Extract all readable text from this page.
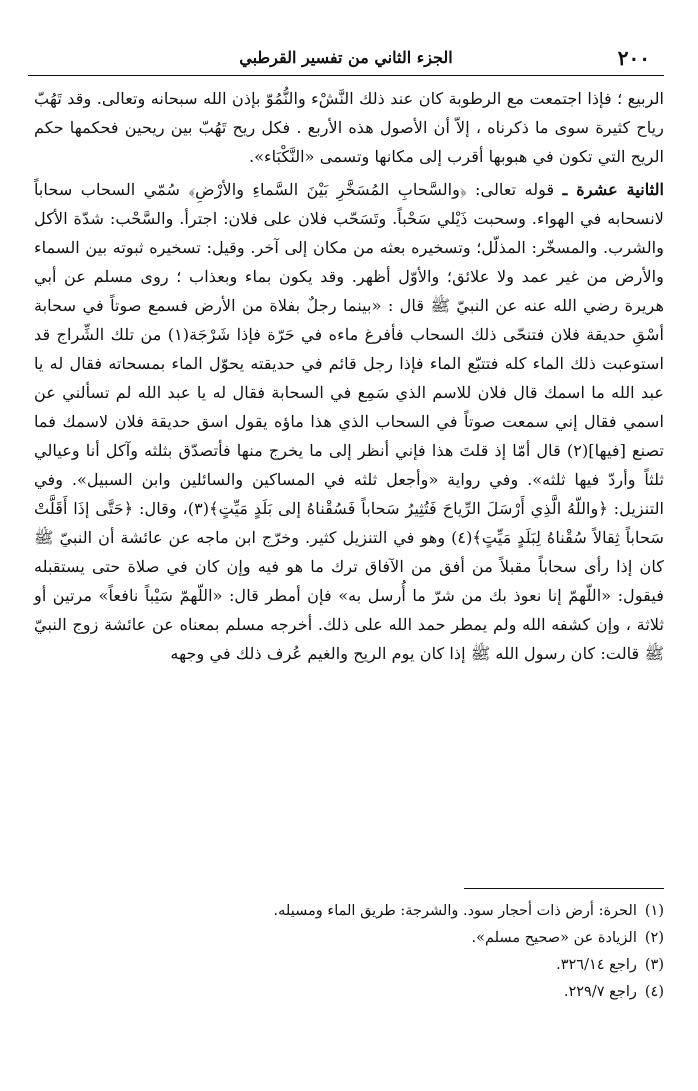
٢٠٠
الجزء الثاني من تفسير القرطبي

الربيع ؛ فإذا اجتمعت مع الرطوبة كان عند ذلك النَّشْء والنُّمُوّ بإذن الله سبحانه وتعالى. وقد تَهُبّ رياح كثيرة سوى ما ذكرناه ، إلاّ أن الأصول هذه الأربع . فكل ريح تَهُبّ بين ريحين فحكمها حكم الريح التي تكون في هبوبها أقرب إلى مكانها وتسمى «النَّكْبَاء».

الثانية عشرة ـ قوله تعالى: ﴿والسَّحابِ المُسَخَّرِ بَيْنَ السَّماءِ والأرْضِ﴾ سُمّي السحاب سحاباً لانسحابه في الهواء. وسحبت ذَيْلي سَحْباً. وتَسَحّب فلان على فلان: اجترأ. والسَّحْب: شدّة الأكل والشرب. والمسخّر: المذلّل؛ وتسخيره بعثه من مكان إلى آخر. وقيل: تسخيره ثبوته بين السماء والأرض من غير عمد ولا علائق؛ والأوّل أظهر. وقد يكون بماء وبعذاب ؛ روى مسلم عن أبي هريرة رضي الله عنه عن النبيّ ﷺ قال : «بينما رجلٌ بفلاة من الأرض فسمع صوتاً في سحابة أسْقِ حديقة فلان فتنحّى ذلك السحاب فأفرغ ماءه في حَرّة فإذا شَرْجَة(١) من تلك الشِّراج قد استوعبت ذلك الماء كله فتتبّع الماء فإذا رجل قائم في حديقته يحوّل الماء بمسحاته فقال له يا عبد الله ما اسمك قال فلان للاسم الذي سَمِع في السحابة فقال له يا عبد الله لم تسألني عن اسمي فقال إني سمعت صوتاً في السحاب الذي هذا ماؤه يقول اسق حديقة فلان لاسمك فما تصنع [فيها](٢) قال أمّا إذ قلتَ هذا فإني أنظر إلى ما يخرج منها فأتصدّق بثلثه وآكل أنا وعيالي ثلثاً وأردّ فيها ثلثه». وفي رواية «وأجعل ثلثه في المساكين والسائلين وابن السبيل». وفي التنزيل: ﴿واللّهُ الَّذِي أَرْسَلَ الرِّياحَ فَتُثِيرُ سَحاباً فَسُقْناهُ إلى بَلَدٍ مَيِّتٍ﴾(٣)، وقال: ﴿حَتَّى إذَا أَقَلَّتْ سَحاباً ثِقالاً سُقْناهُ لِبَلَدٍ مَيِّتٍ﴾(٤) وهو في التنزيل كثير. وخرّج ابن ماجه عن عائشة أن النبيّ ﷺ كان إذا رأى سحاباً مقبلاً من أفق من الآفاق ترك ما هو فيه وإن كان في صلاة حتى يستقبله فيقول: «اللّهمّ إنا نعوذ بك من شرّ ما أُرسل به» فإن أمطر قال: «اللّهمّ سَيْباً نافعاً» مرتين أو ثلاثة ، وإن كشفه الله ولم يمطر حمد الله على ذلك. أخرجه مسلم بمعناه عن عائشة زوج النبيّ ﷺ قالت: كان رسول الله ﷺ إذا كان يوم الريح والغيم عُرف ذلك في وجهه

(١)الحرة: أرض ذات أحجار سود. والشرجة: طريق الماء ومسيله.
(٢)الزيادة عن «صحيح مسلم».
(٣)راجع ٣٢٦/١٤.
(٤)راجع ٢٢٩/٧.
